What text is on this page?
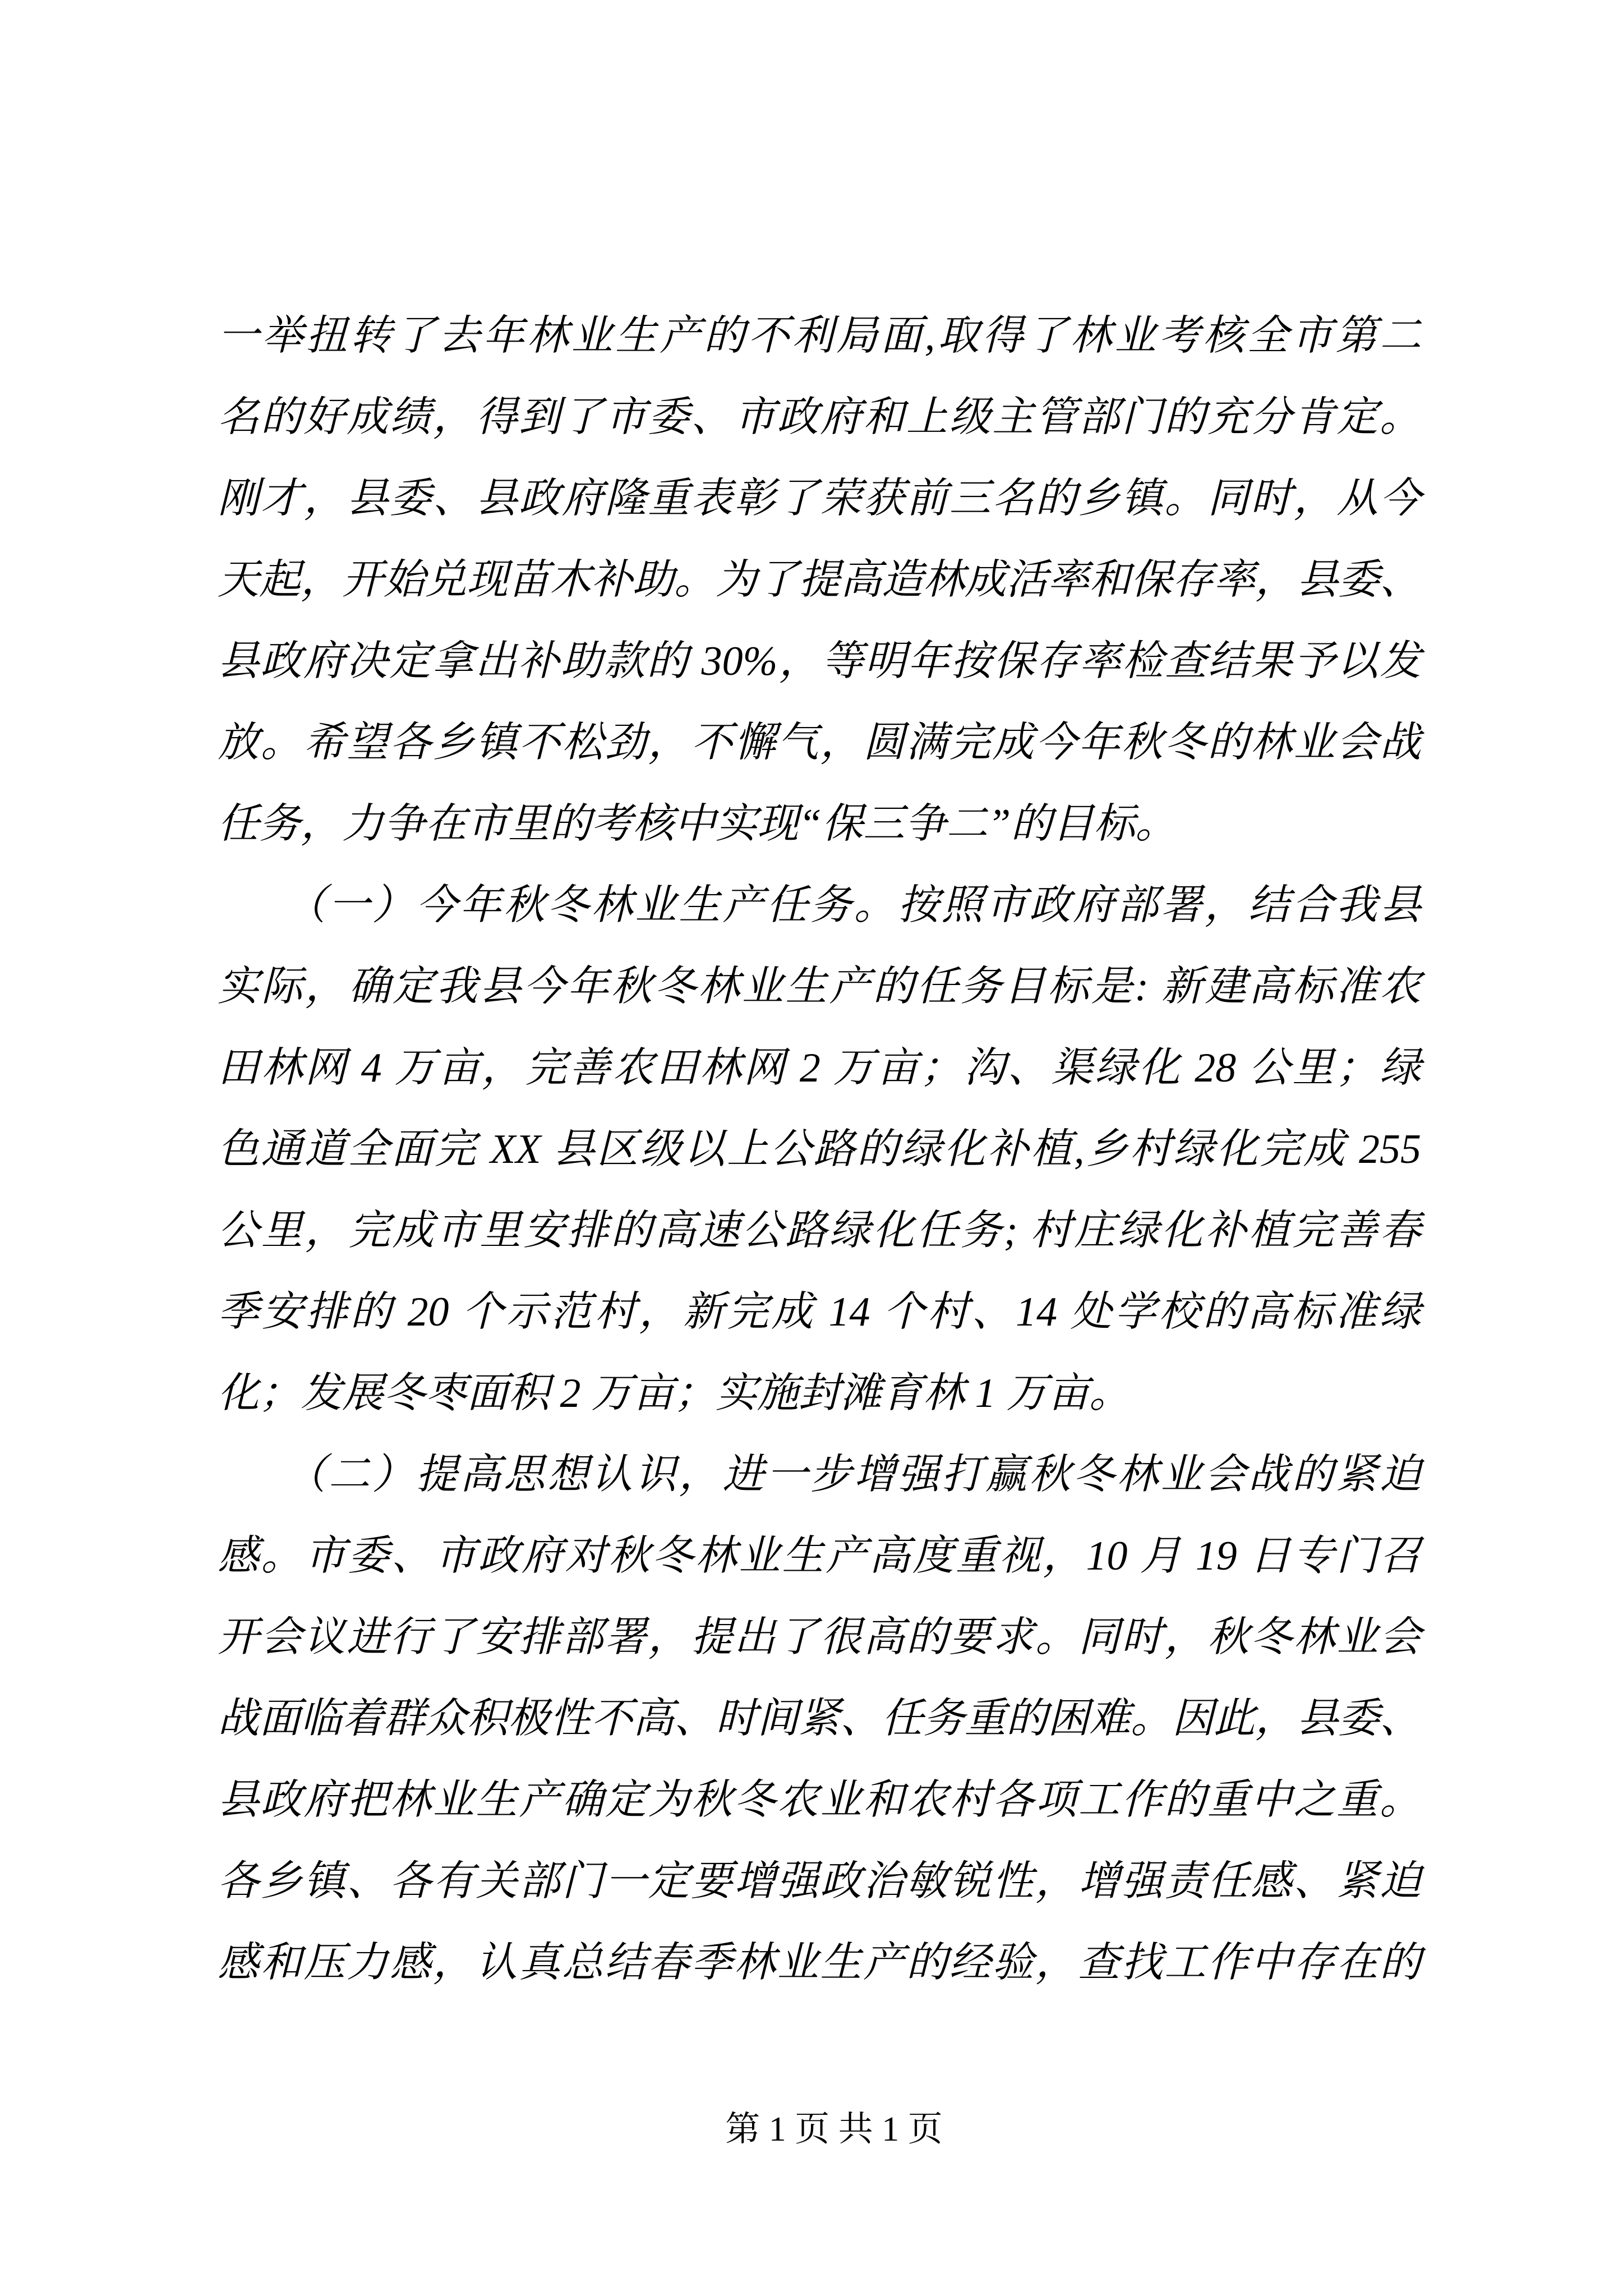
一举扭转了去年林业生产的不利局面,取得了林业考核全市第二
名的好成绩，得到了市委、市政府和上级主管部门的充分肯定。
刚才，县委、县政府隆重表彰了荣获前三名的乡镇。同时，从今
天起，开始兑现苗木补助。为了提高造林成活率和保存率，县委、
县政府决定拿出补助款的 30%，等明年按保存率检查结果予以发
放。希望各乡镇不松劲，不懈气，圆满完成今年秋冬的林业会战
任务，力争在市里的考核中实现“保三争二”的目标。
　　（一）今年秋冬林业生产任务。按照市政府部署，结合我县
实际，确定我县今年秋冬林业生产的任务目标是: 新建高标准农
田林网 4 万亩，完善农田林网 2 万亩；沟、渠绿化 28 公里；绿
色通道全面完 XX 县区级以上公路的绿化补植,乡村绿化完成 255
公里，完成市里安排的高速公路绿化任务; 村庄绿化补植完善春
季安排的 20 个示范村，新完成 14 个村、14 处学校的高标准绿
化；发展冬枣面积 2 万亩；实施封滩育林 1 万亩。
　　（二）提高思想认识，进一步增强打赢秋冬林业会战的紧迫
感。市委、市政府对秋冬林业生产高度重视，10 月 19 日专门召
开会议进行了安排部署，提出了很高的要求。同时，秋冬林业会
战面临着群众积极性不高、时间紧、任务重的困难。因此，县委、
县政府把林业生产确定为秋冬农业和农村各项工作的重中之重。
各乡镇、各有关部门一定要增强政治敏锐性，增强责任感、紧迫
感和压力感，认真总结春季林业生产的经验，查找工作中存在的
第 1 页 共 1 页
